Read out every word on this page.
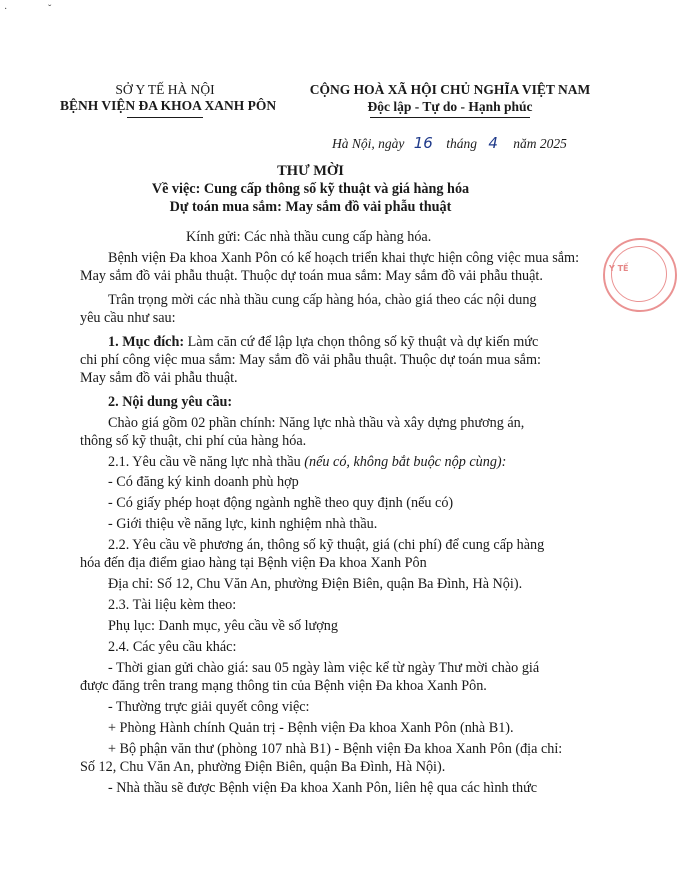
·	ˇ
SỞ Y TẾ HÀ NỘI
BỆNH VIỆN ĐA KHOA XANH PÔN
CỘNG HOÀ XÃ HỘI CHỦ NGHĨA VIỆT NAM
Độc lập - Tự do - Hạnh phúc
Hà Nội, ngày 16 tháng 4 năm 2025
THƯ MỜI
Về việc: Cung cấp thông số kỹ thuật và giá hàng hóa
Dự toán mua sắm: May sắm đồ vải phẫu thuật
Y TẾ
Kính gửi: Các nhà thầu cung cấp hàng hóa.
Bệnh viện Đa khoa Xanh Pôn có kế hoạch triển khai thực hiện công việc mua sắm:
May sắm đồ vải phẫu thuật. Thuộc dự toán mua sắm: May sắm đồ vải phẫu thuật.
Trân trọng mời các nhà thầu cung cấp hàng hóa, chào giá theo các nội dung
yêu cầu như sau:
1. Mục đích: Làm căn cứ để lập lựa chọn thông số kỹ thuật và dự kiến mức
chi phí công việc mua sắm: May sắm đồ vải phẫu thuật. Thuộc dự toán mua sắm:
May sắm đồ vải phẫu thuật.
2. Nội dung yêu cầu:
Chào giá gồm 02 phần chính: Năng lực nhà thầu và xây dựng phương án,
thông số kỹ thuật, chi phí của hàng hóa.
2.1. Yêu cầu về năng lực nhà thầu (nếu có, không bắt buộc nộp cùng):
- Có đăng ký kinh doanh phù hợp
- Có giấy phép hoạt động ngành nghề theo quy định (nếu có)
- Giới thiệu về năng lực, kinh nghiệm nhà thầu.
2.2. Yêu cầu về phương án, thông số kỹ thuật, giá (chi phí) để cung cấp hàng
hóa đến địa điểm giao hàng tại Bệnh viện Đa khoa Xanh Pôn
Địa chỉ: Số 12, Chu Văn An, phường Điện Biên, quận Ba Đình, Hà Nội).
2.3. Tài liệu kèm theo:
Phụ lục: Danh mục, yêu cầu về số lượng
2.4. Các yêu cầu khác:
- Thời gian gửi chào giá: sau 05 ngày làm việc kể từ ngày Thư mời chào giá
được đăng trên trang mạng thông tin của Bệnh viện Đa khoa Xanh Pôn.
- Thường trực giải quyết công việc:
+ Phòng Hành chính Quản trị - Bệnh viện Đa khoa Xanh Pôn (nhà B1).
+ Bộ phận văn thư (phòng 107 nhà B1) - Bệnh viện Đa khoa Xanh Pôn (địa chỉ:
Số 12, Chu Văn An, phường Điện Biên, quận Ba Đình, Hà Nội).
- Nhà thầu sẽ được Bệnh viện Đa khoa Xanh Pôn, liên hệ qua các hình thức
